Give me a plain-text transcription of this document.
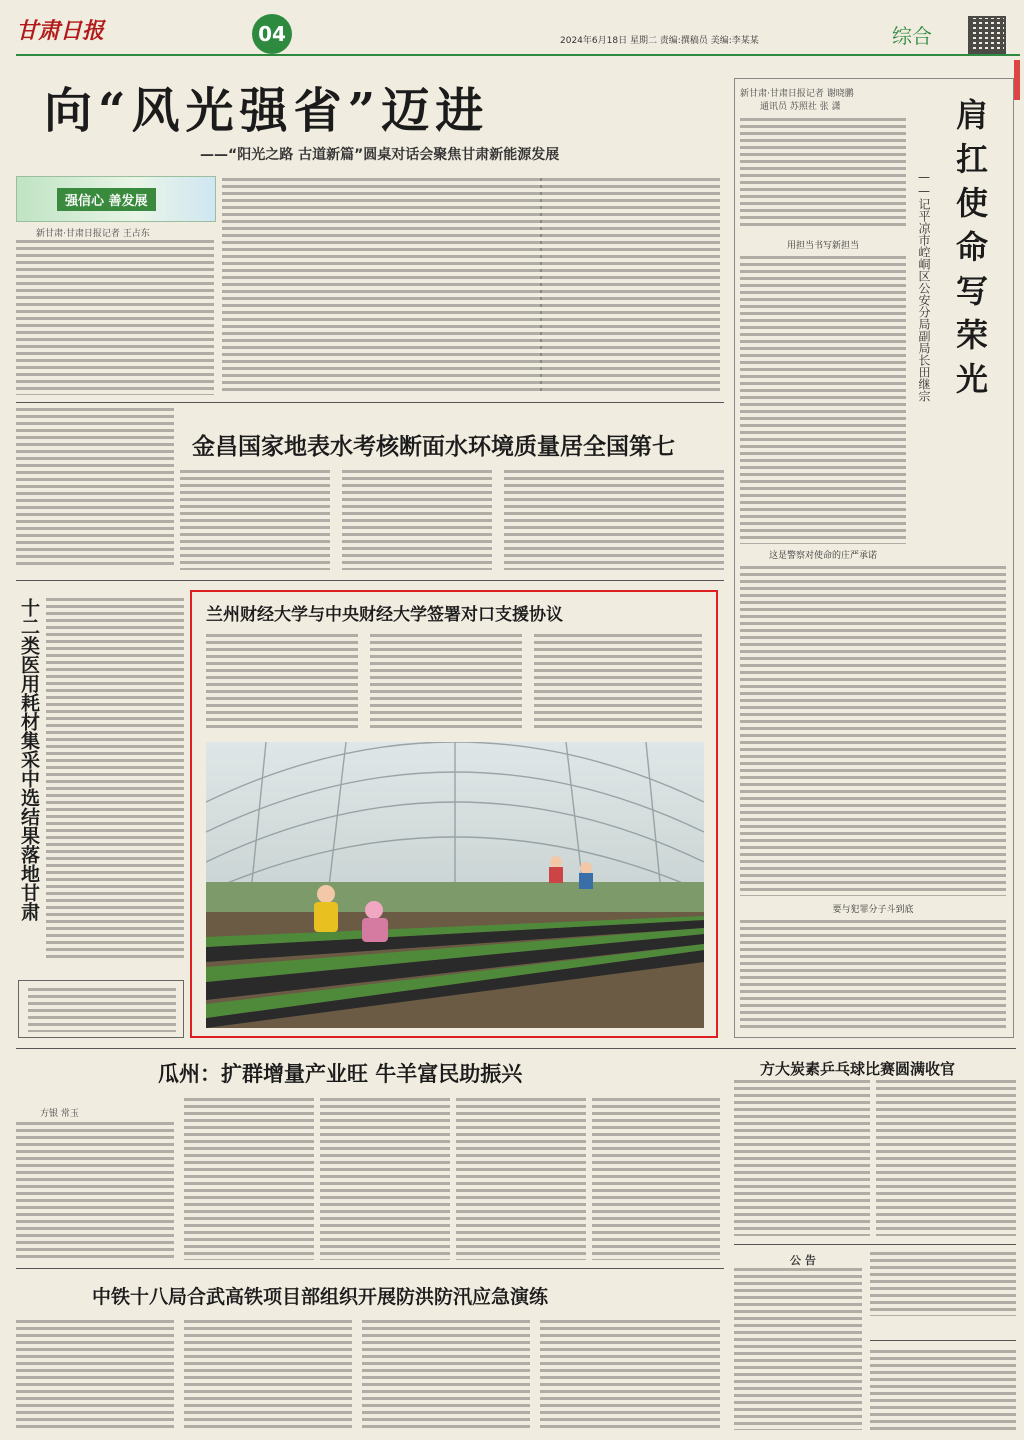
甘肃日报	04	2024年6月18日 星期二 责编:撰稿员 美编:李某某	综合
向“风光强省”迈进
——“阳光之路 古道新篇”圆桌对话会聚焦甘肃新能源发展
强信心 善发展
新甘肃·甘肃日报记者 王占东
金昌国家地表水考核断面水环境质量居全国第七
十二类医用耗材集采中选结果落地甘肃	兰州财经大学与中央财经大学签署对口支援协议
新甘肃·甘肃日报记者 谢晓鹏
通讯员 苏照社 张 潇	肩扛使命写荣光
——记平凉市崆峒区公安分局副局长田继宗
用担当书写新担当
这是警察对使命的庄严承诺
要与犯罪分子斗到底
瓜州：扩群增量产业旺 牛羊富民助振兴
方银 常玉
方大炭素乒乓球比赛圆满收官
中铁十八局合武高铁项目部组织开展防洪防汛应急演练
公 告
